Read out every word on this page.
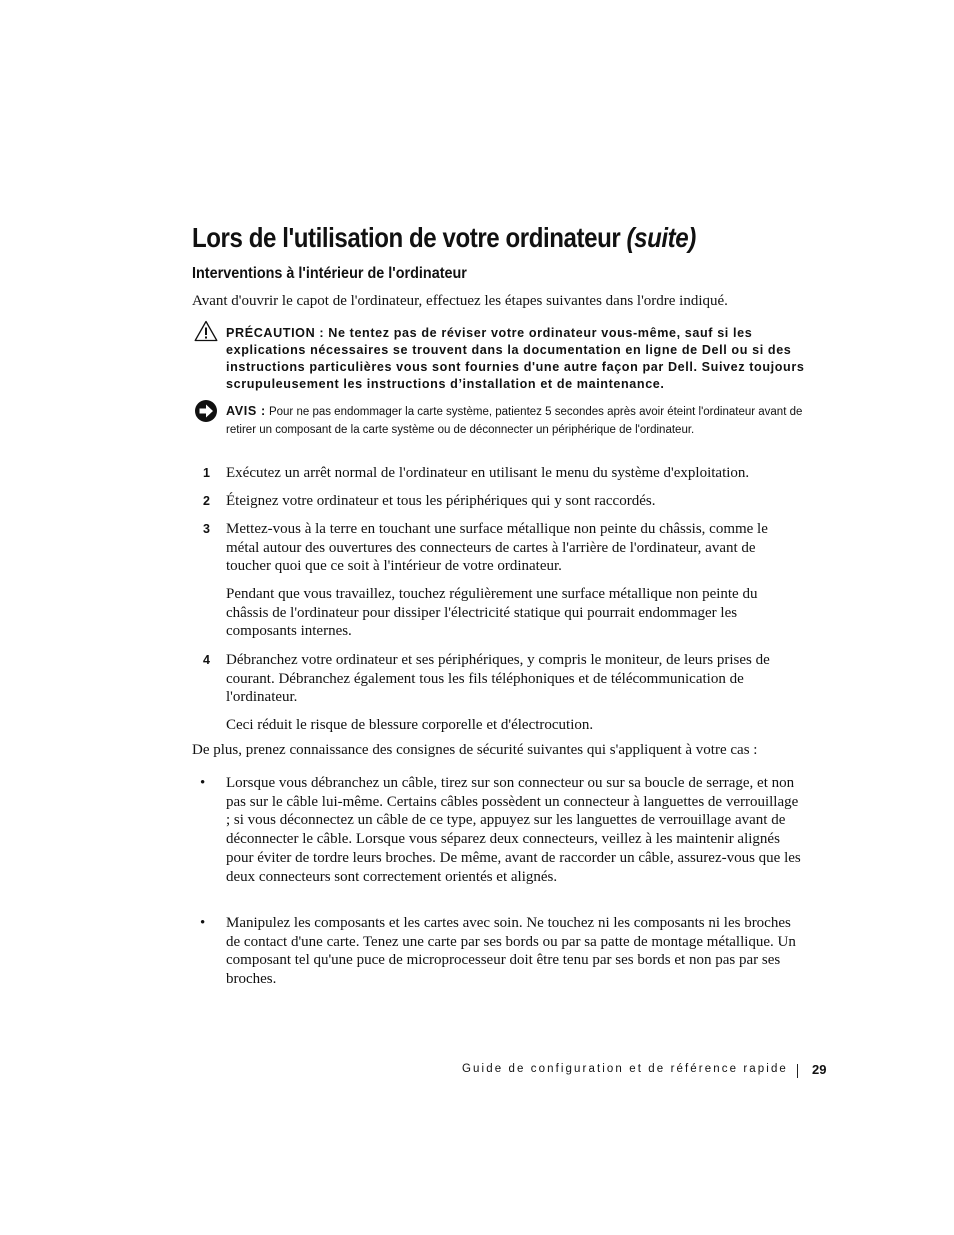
Lors de l'utilisation de votre ordinateur (suite)
Interventions à l'intérieur de l'ordinateur

Avant d'ouvrir le capot de l'ordinateur, effectuez les étapes suivantes dans l'ordre indiqué.

PRÉCAUTION : Ne tentez pas de réviser votre ordinateur vous-même, sauf si les explications nécessaires se trouvent dans la documentation en ligne de Dell ou si des instructions particulières vous sont fournies d'une autre façon par Dell. Suivez toujours scrupuleusement les instructions d’installation et de maintenance.

AVIS : Pour ne pas endommager la carte système, patientez 5 secondes après avoir éteint l'ordinateur avant de retirer un composant de la carte système ou de déconnecter un périphérique de l'ordinateur.

1	Exécutez un arrêt normal de l'ordinateur en utilisant le menu du système d'exploitation.

2	Éteignez votre ordinateur et tous les périphériques qui y sont raccordés.

3	Mettez-vous à la terre en touchant une surface métallique non peinte du châssis, comme le métal autour des ouvertures des connecteurs de cartes à l'arrière de l'ordinateur, avant de toucher quoi que ce soit à l'intérieur de votre ordinateur.

Pendant que vous travaillez, touchez régulièrement une surface métallique non peinte du châssis de l'ordinateur pour dissiper l'électricité statique qui pourrait endommager les composants internes.

4	Débranchez votre ordinateur et ses périphériques, y compris le moniteur, de leurs prises de courant. Débranchez également tous les fils téléphoniques et de télécommunication de l'ordinateur.

Ceci réduit le risque de blessure corporelle et d'électrocution.

De plus, prenez connaissance des consignes de sécurité suivantes qui s'appliquent à votre cas :

• Lorsque vous débranchez un câble, tirez sur son connecteur ou sur sa boucle de serrage, et non pas sur le câble lui-même. Certains câbles possèdent un connecteur à languettes de verrouillage ; si vous déconnectez un câble de ce type, appuyez sur les languettes de verrouillage avant de déconnecter le câble. Lorsque vous séparez deux connecteurs, veillez à les maintenir alignés pour éviter de tordre leurs broches. De même, avant de raccorder un câble, assurez-vous que les deux connecteurs sont correctement orientés et alignés.

• Manipulez les composants et les cartes avec soin. Ne touchez ni les composants ni les broches de contact d'une carte. Tenez une carte par ses bords ou par sa patte de montage métallique. Un composant tel qu'une puce de microprocesseur doit être tenu par ses bords et non pas par ses broches.

Guide de configuration et de référence rapide 29
